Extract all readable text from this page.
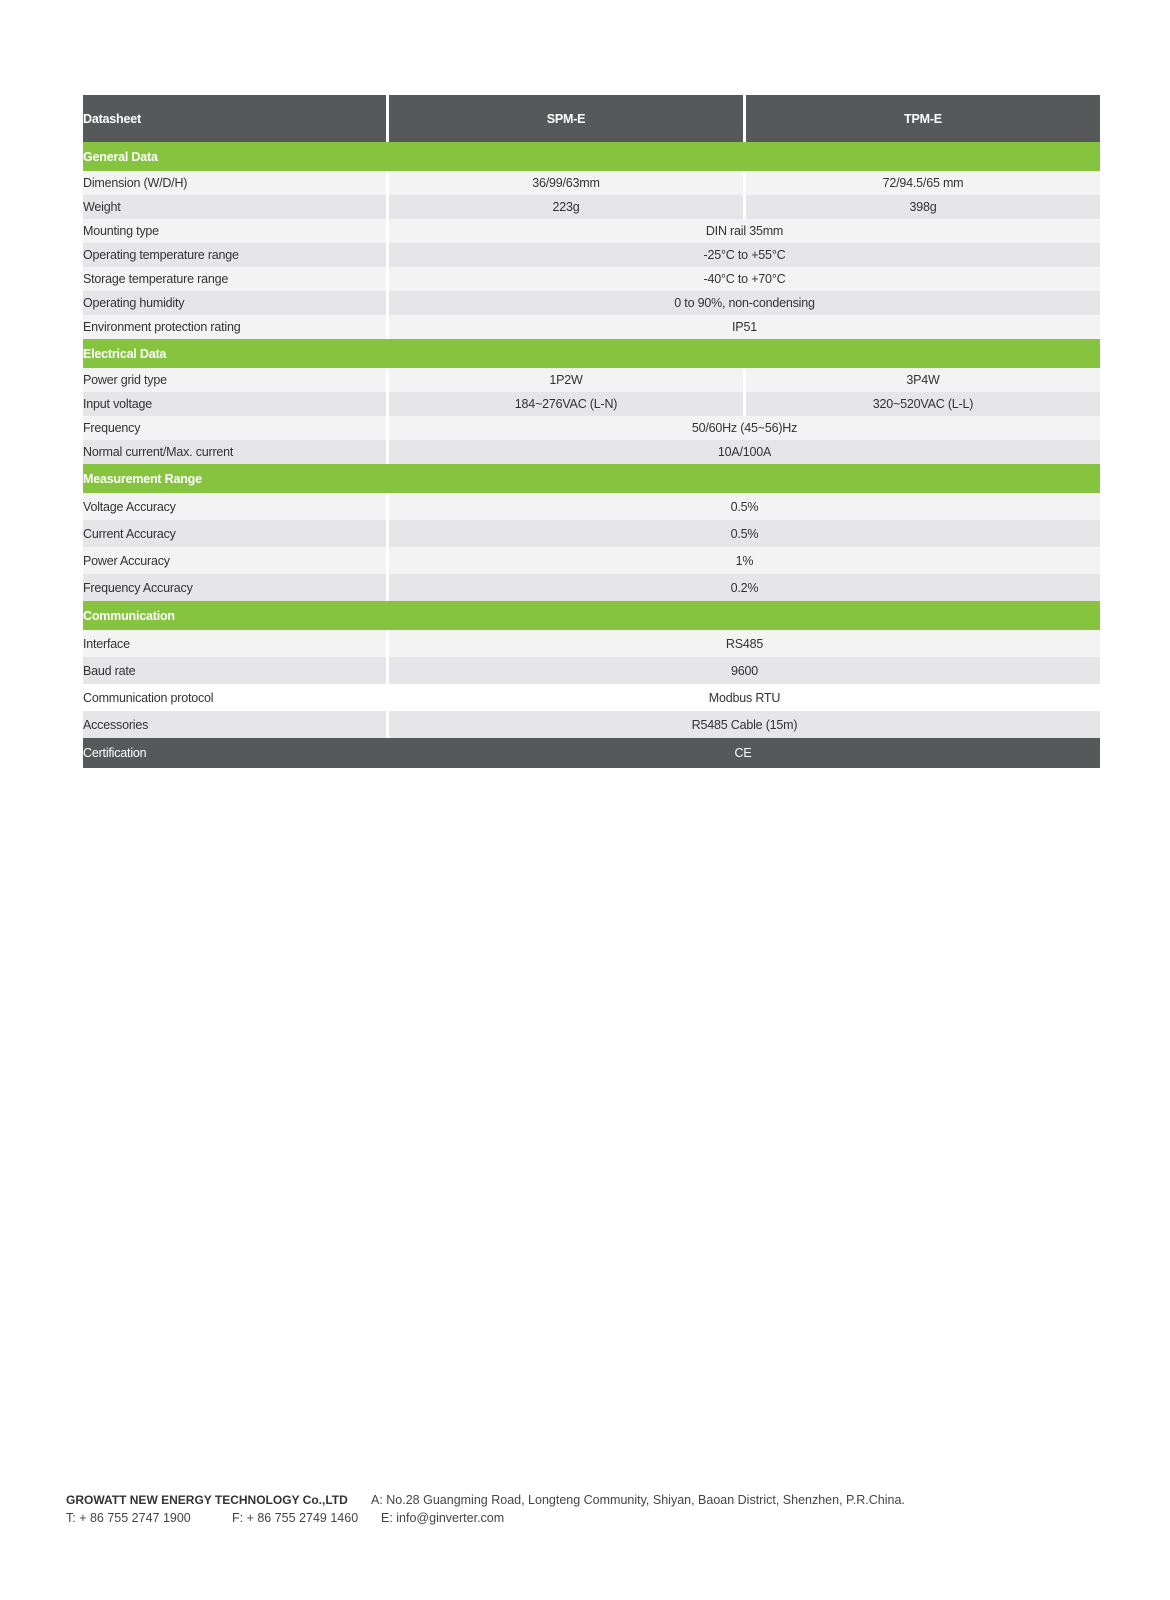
Datasheet	SPM-E	TPM-E
General Data		
Dimension (W/D/H)	36/99/63mm	72/94.5/65 mm
Weight	223g	398g
Mounting type	DIN rail 35mm	
Operating temperature range	-25°C to +55°C	
Storage temperature range	-40°C to +70°C	
Operating humidity	0 to 90%, non-condensing	
Environment protection rating	IP51	
Electrical Data		
Power grid type	1P2W	3P4W
Input voltage	184~276VAC (L-N)	320~520VAC (L-L)
Frequency	50/60Hz (45~56)Hz	
Normal current/Max. current	10A/100A	
Measurement Range		
Voltage Accuracy	0.5%	
Current Accuracy	0.5%	
Power Accuracy	1%	
Frequency Accuracy	0.2%	
Communication		
Interface	RS485	
Baud rate	9600	
Communication protocol	Modbus RTU	
Accessories	R5485 Cable (15m)	
Certification	CE	
GROWATT NEW ENERGY TECHNOLOGY Co.,LTD A: No.28 Guangming Road, Longteng Community, Shiyan, Baoan District, Shenzhen, P.R.China.
T: + 86 755 2747 1900	F: + 86 755 2749 1460 E: info@ginverter.com
